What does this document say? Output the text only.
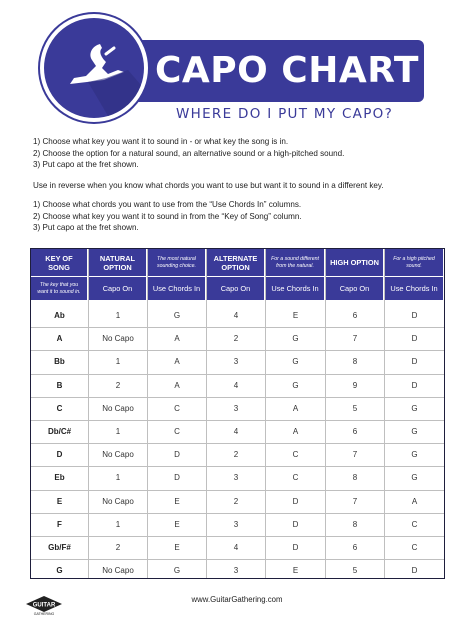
CAPO CHART
WHERE DO I PUT MY CAPO?
1) Choose what key you want it to sound in - or what key the song is in.
2) Choose the option for a natural sound, an alternative sound or a high-pitched sound.
3) Put capo at the fret shown.
Use in reverse when you know what chords you want to use but want it to sound in a different key.
1) Choose what chords you want to use from the “Use Chords In” columns.
2) Choose what key you want it to sound in from the “Key of Song” column.
3) Put capo at the fret shown.
KEY OF SONG
The key that you want it to sound in.
Ab
A
Bb
B
C
Db/C#
D
Eb
E
F
Gb/F#
G
NATURAL OPTION
Capo On
1
No Capo
1
2
No Capo
1
No Capo
1
No Capo
1
2
No Capo
The most natural sounding choice.
Use Chords In
G
A
A
A
C
C
D
D
E
E
E
G
ALTERNATE OPTION
Capo On
4
2
3
4
3
4
2
3
2
3
4
3
For a sound different from the natural.
Use Chords In
E
G
G
G
A
A
C
C
D
D
D
E
HIGH OPTION
Capo On
6
7
8
9
5
6
7
8
7
8
6
5
For a high pitched sound.
Use Chords In
D
D
D
D
G
G
G
G
A
C
C
D
GUITAR
GATHERING
www.GuitarGathering.com
